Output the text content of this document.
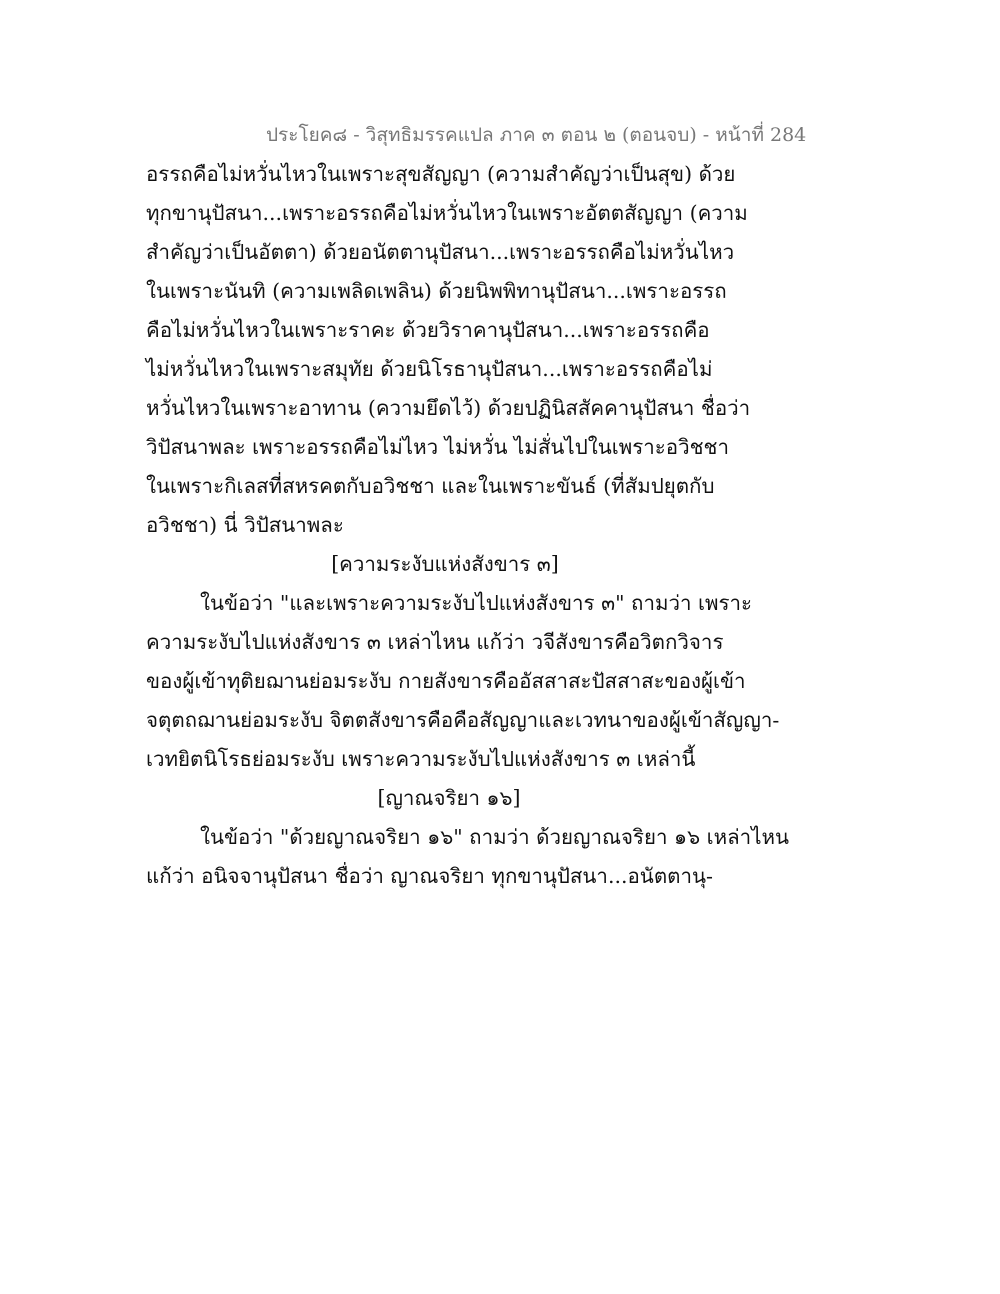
ประโยค๘ - วิสุทธิมรรคแปล ภาค ๓ ตอน ๒ (ตอนจบ) - หน้าที่ 284
อรรถคือไม่หวั่นไหวในเพราะสุขสัญญา (ความสำคัญว่าเป็นสุข) ด้วย
ทุกขานุปัสนา...เพราะอรรถคือไม่หวั่นไหวในเพราะอัตตสัญญา (ความ
สำคัญว่าเป็นอัตตา) ด้วยอนัตตานุปัสนา...เพราะอรรถคือไม่หวั่นไหว
ในเพราะนันทิ (ความเพลิดเพลิน) ด้วยนิพพิทานุปัสนา...เพราะอรรถ
คือไม่หวั่นไหวในเพราะราคะ ด้วยวิราคานุปัสนา...เพราะอรรถคือ
ไม่หวั่นไหวในเพราะสมุทัย ด้วยนิโรธานุปัสนา...เพราะอรรถคือไม่
หวั่นไหวในเพราะอาทาน (ความยึดไว้) ด้วยปฏินิสสัคคานุปัสนา ชื่อว่า
วิปัสนาพละ เพราะอรรถคือไม่ไหว ไม่หวั่น ไม่สั่นไปในเพราะอวิชชา
ในเพราะกิเลสที่สหรคตกับอวิชชา และในเพราะขันธ์ (ที่สัมปยุตกับ
อวิชชา) นี่ วิปัสนาพละ
[ความระงับแห่งสังขาร ๓]
ในข้อว่า "และเพราะความระงับไปแห่งสังขาร ๓" ถามว่า เพราะ
ความระงับไปแห่งสังขาร ๓ เหล่าไหน แก้ว่า วจีสังขารคือวิตกวิจาร
ของผู้เข้าทุติยฌานย่อมระงับ กายสังขารคืออัสสาสะปัสสาสะของผู้เข้า
จตุตถฌานย่อมระงับ จิตตสังขารคือคือสัญญาและเวทนาของผู้เข้าสัญญา-
เวทยิตนิโรธย่อมระงับ เพราะความระงับไปแห่งสังขาร ๓ เหล่านี้
[ญาณจริยา ๑๖]
ในข้อว่า "ด้วยญาณจริยา ๑๖" ถามว่า ด้วยญาณจริยา ๑๖ เหล่าไหน
แก้ว่า อนิจจานุปัสนา ชื่อว่า ญาณจริยา ทุกขานุปัสนา...อนัตตานุ-
